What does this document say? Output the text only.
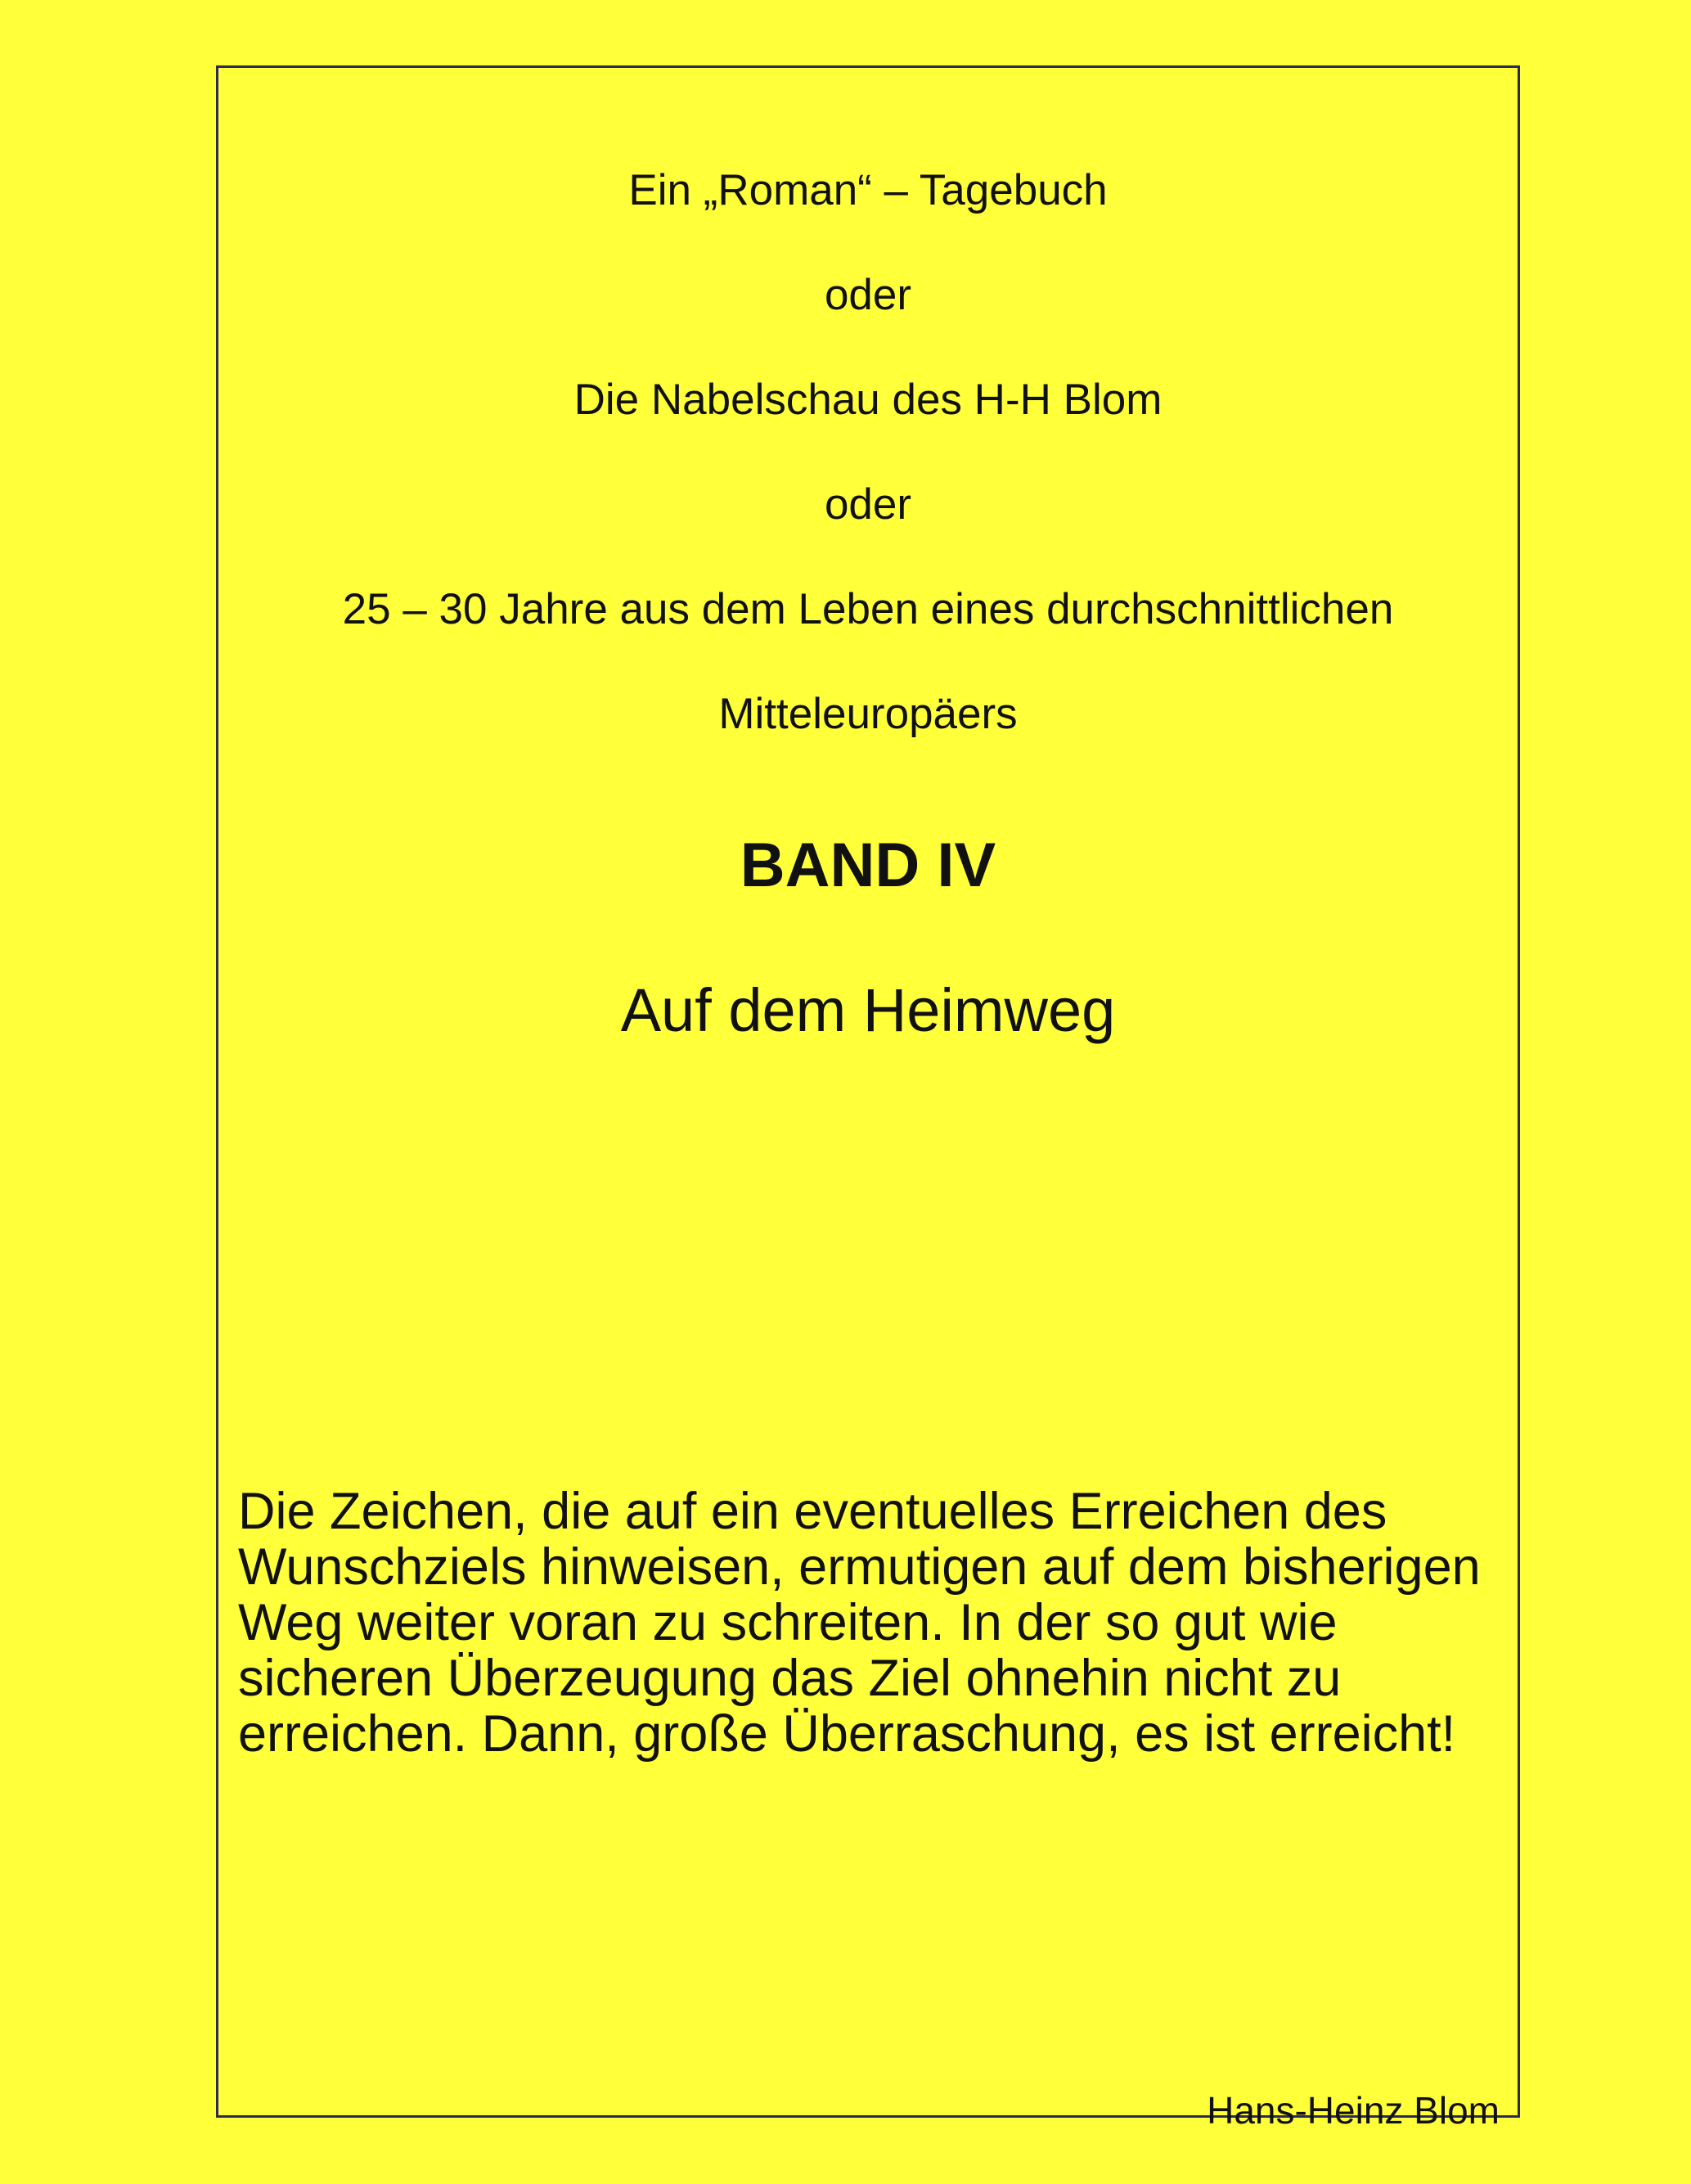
Ein „Roman“ – Tagebuch
oder
Die Nabelschau des H-H Blom
oder
25 – 30 Jahre aus dem Leben eines durchschnittlichen
Mitteleuropäers
BAND IV
Auf dem Heimweg
Die Zeichen, die auf ein eventuelles Erreichen des Wunschziels hinweisen, ermutigen auf dem bisherigen Weg weiter voran zu schreiten. In der so gut wie sicheren Überzeugung das Ziel ohnehin nicht zu erreichen. Dann, große Überraschung, es ist erreicht!
Hans-Heinz Blom
